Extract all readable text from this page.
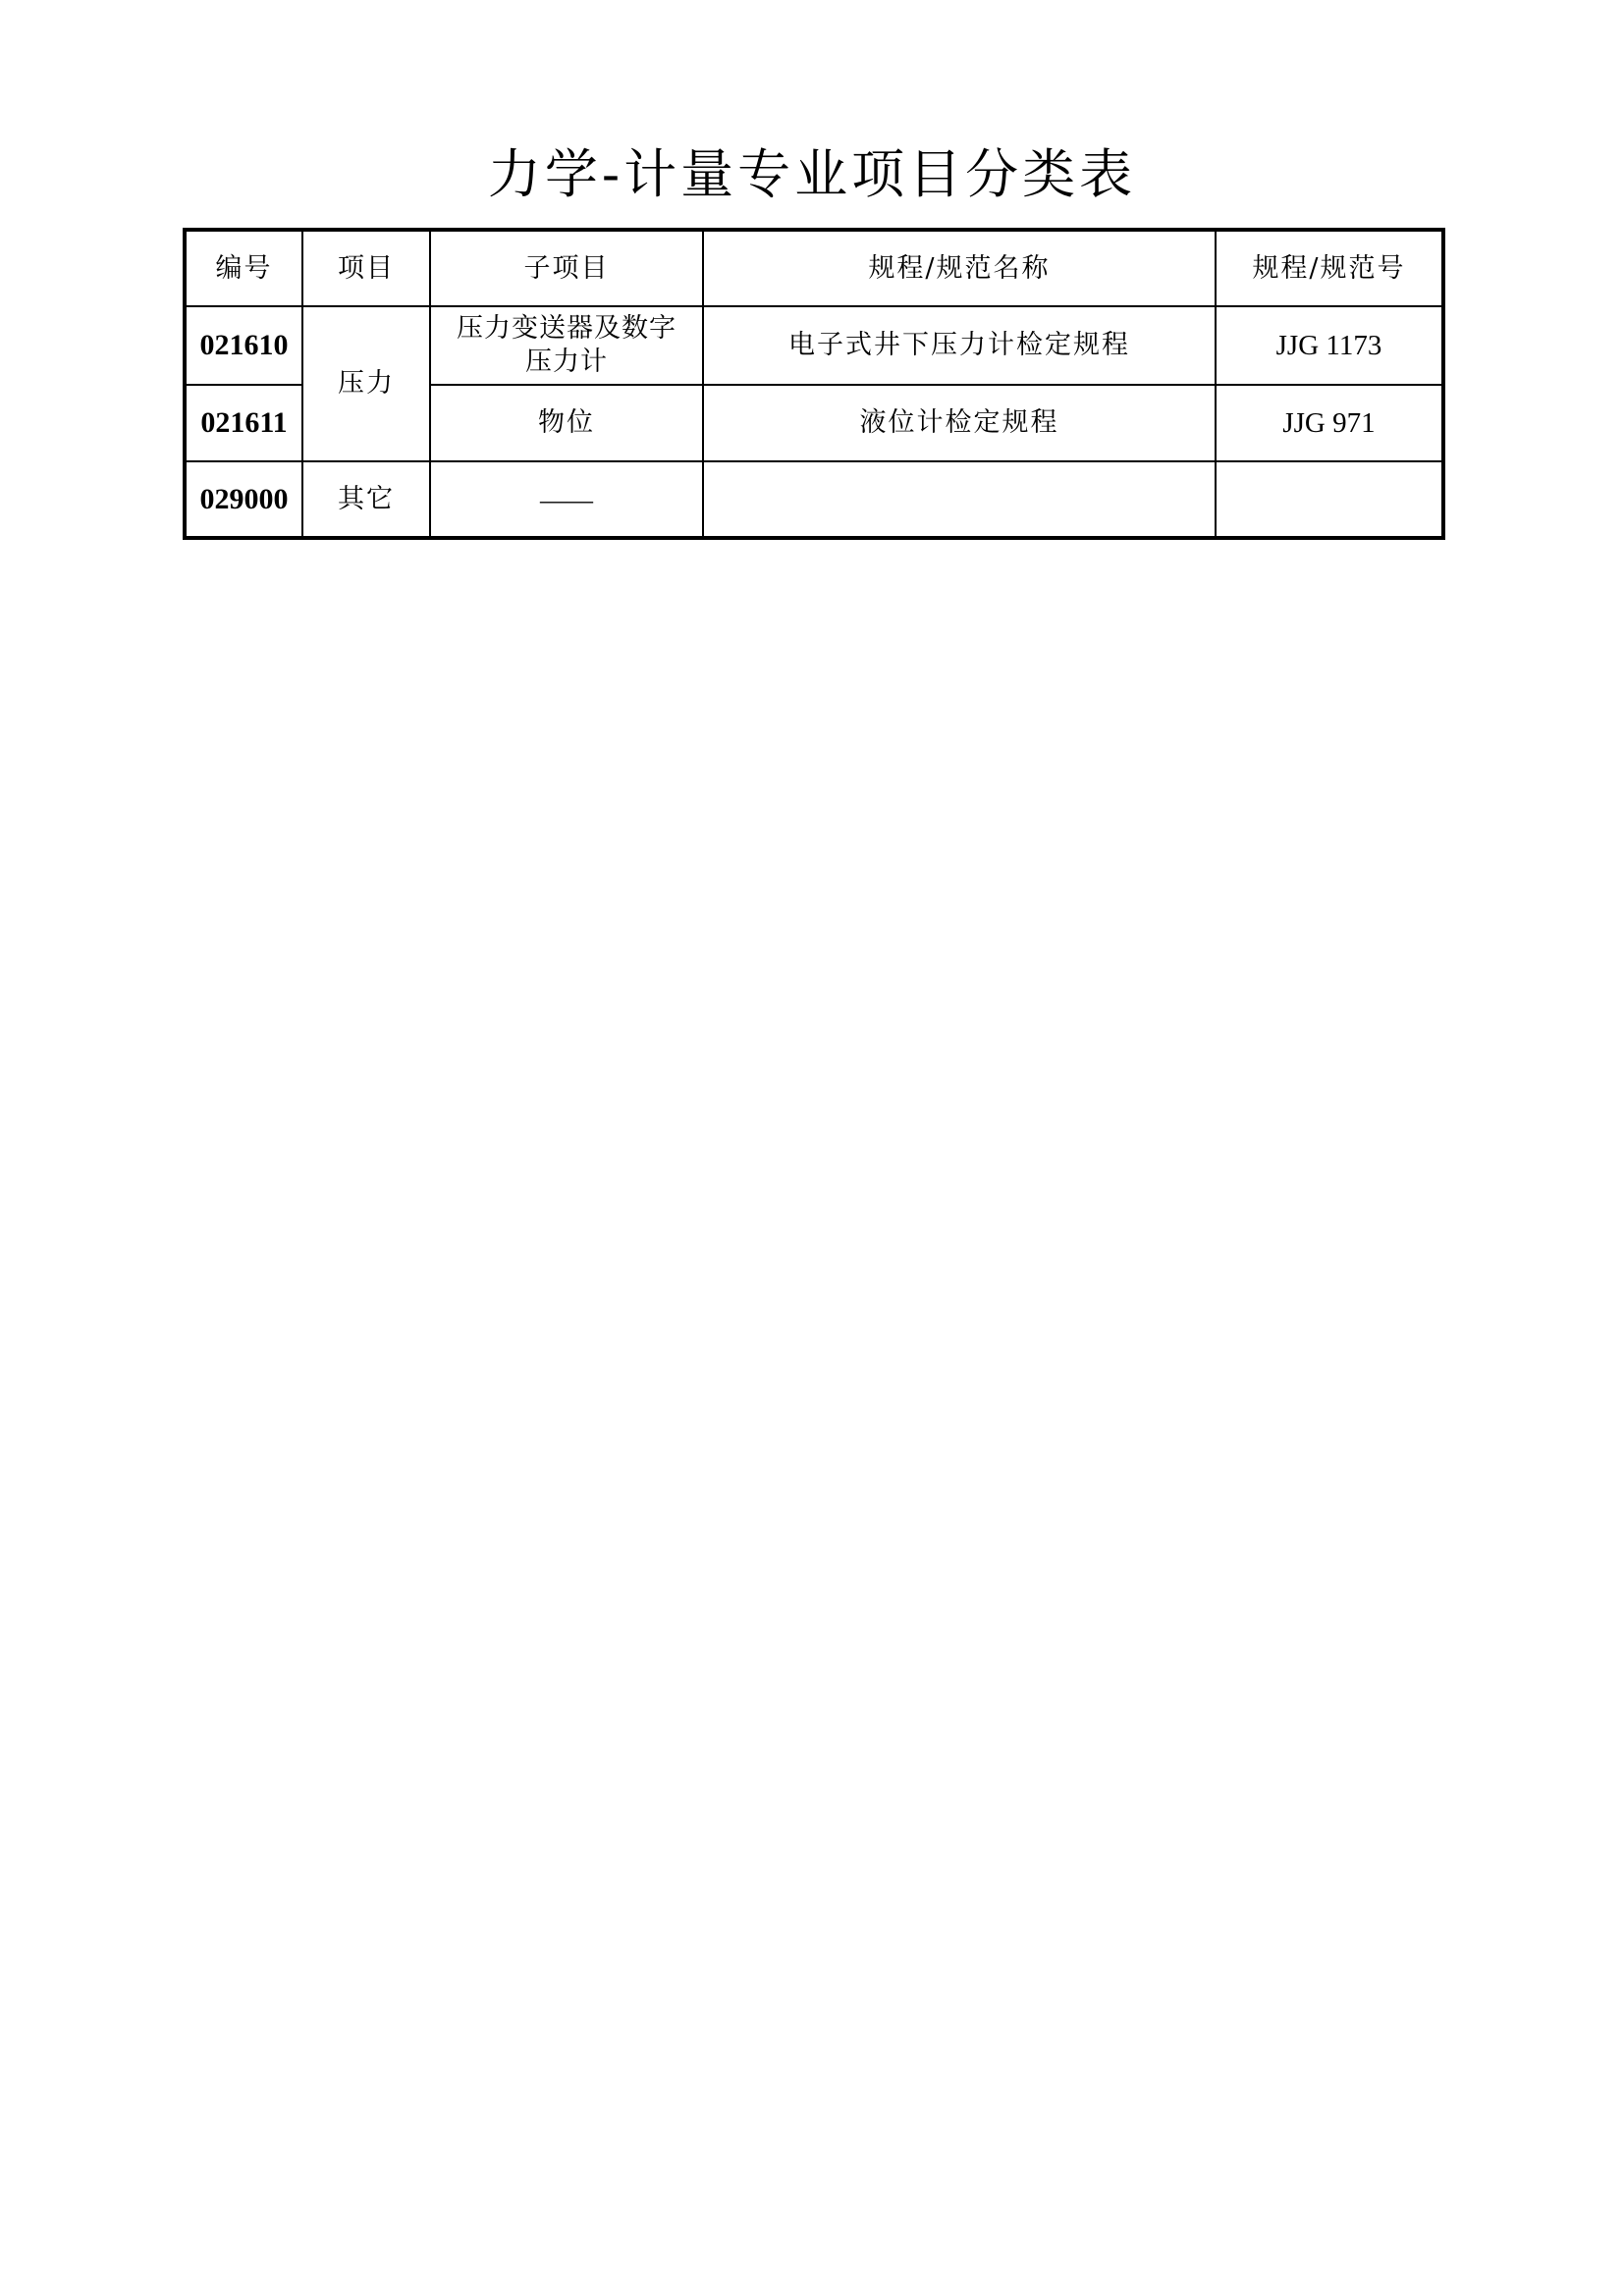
力学-计量专业项目分类表
编号	项目	子项目	规程/规范名称	规程/规范号
021610	压力	压力变送器及数字压力计	电子式井下压力计检定规程	JJG 1173
021611		物位	液位计检定规程	JJG 971
029000	其它	——		
